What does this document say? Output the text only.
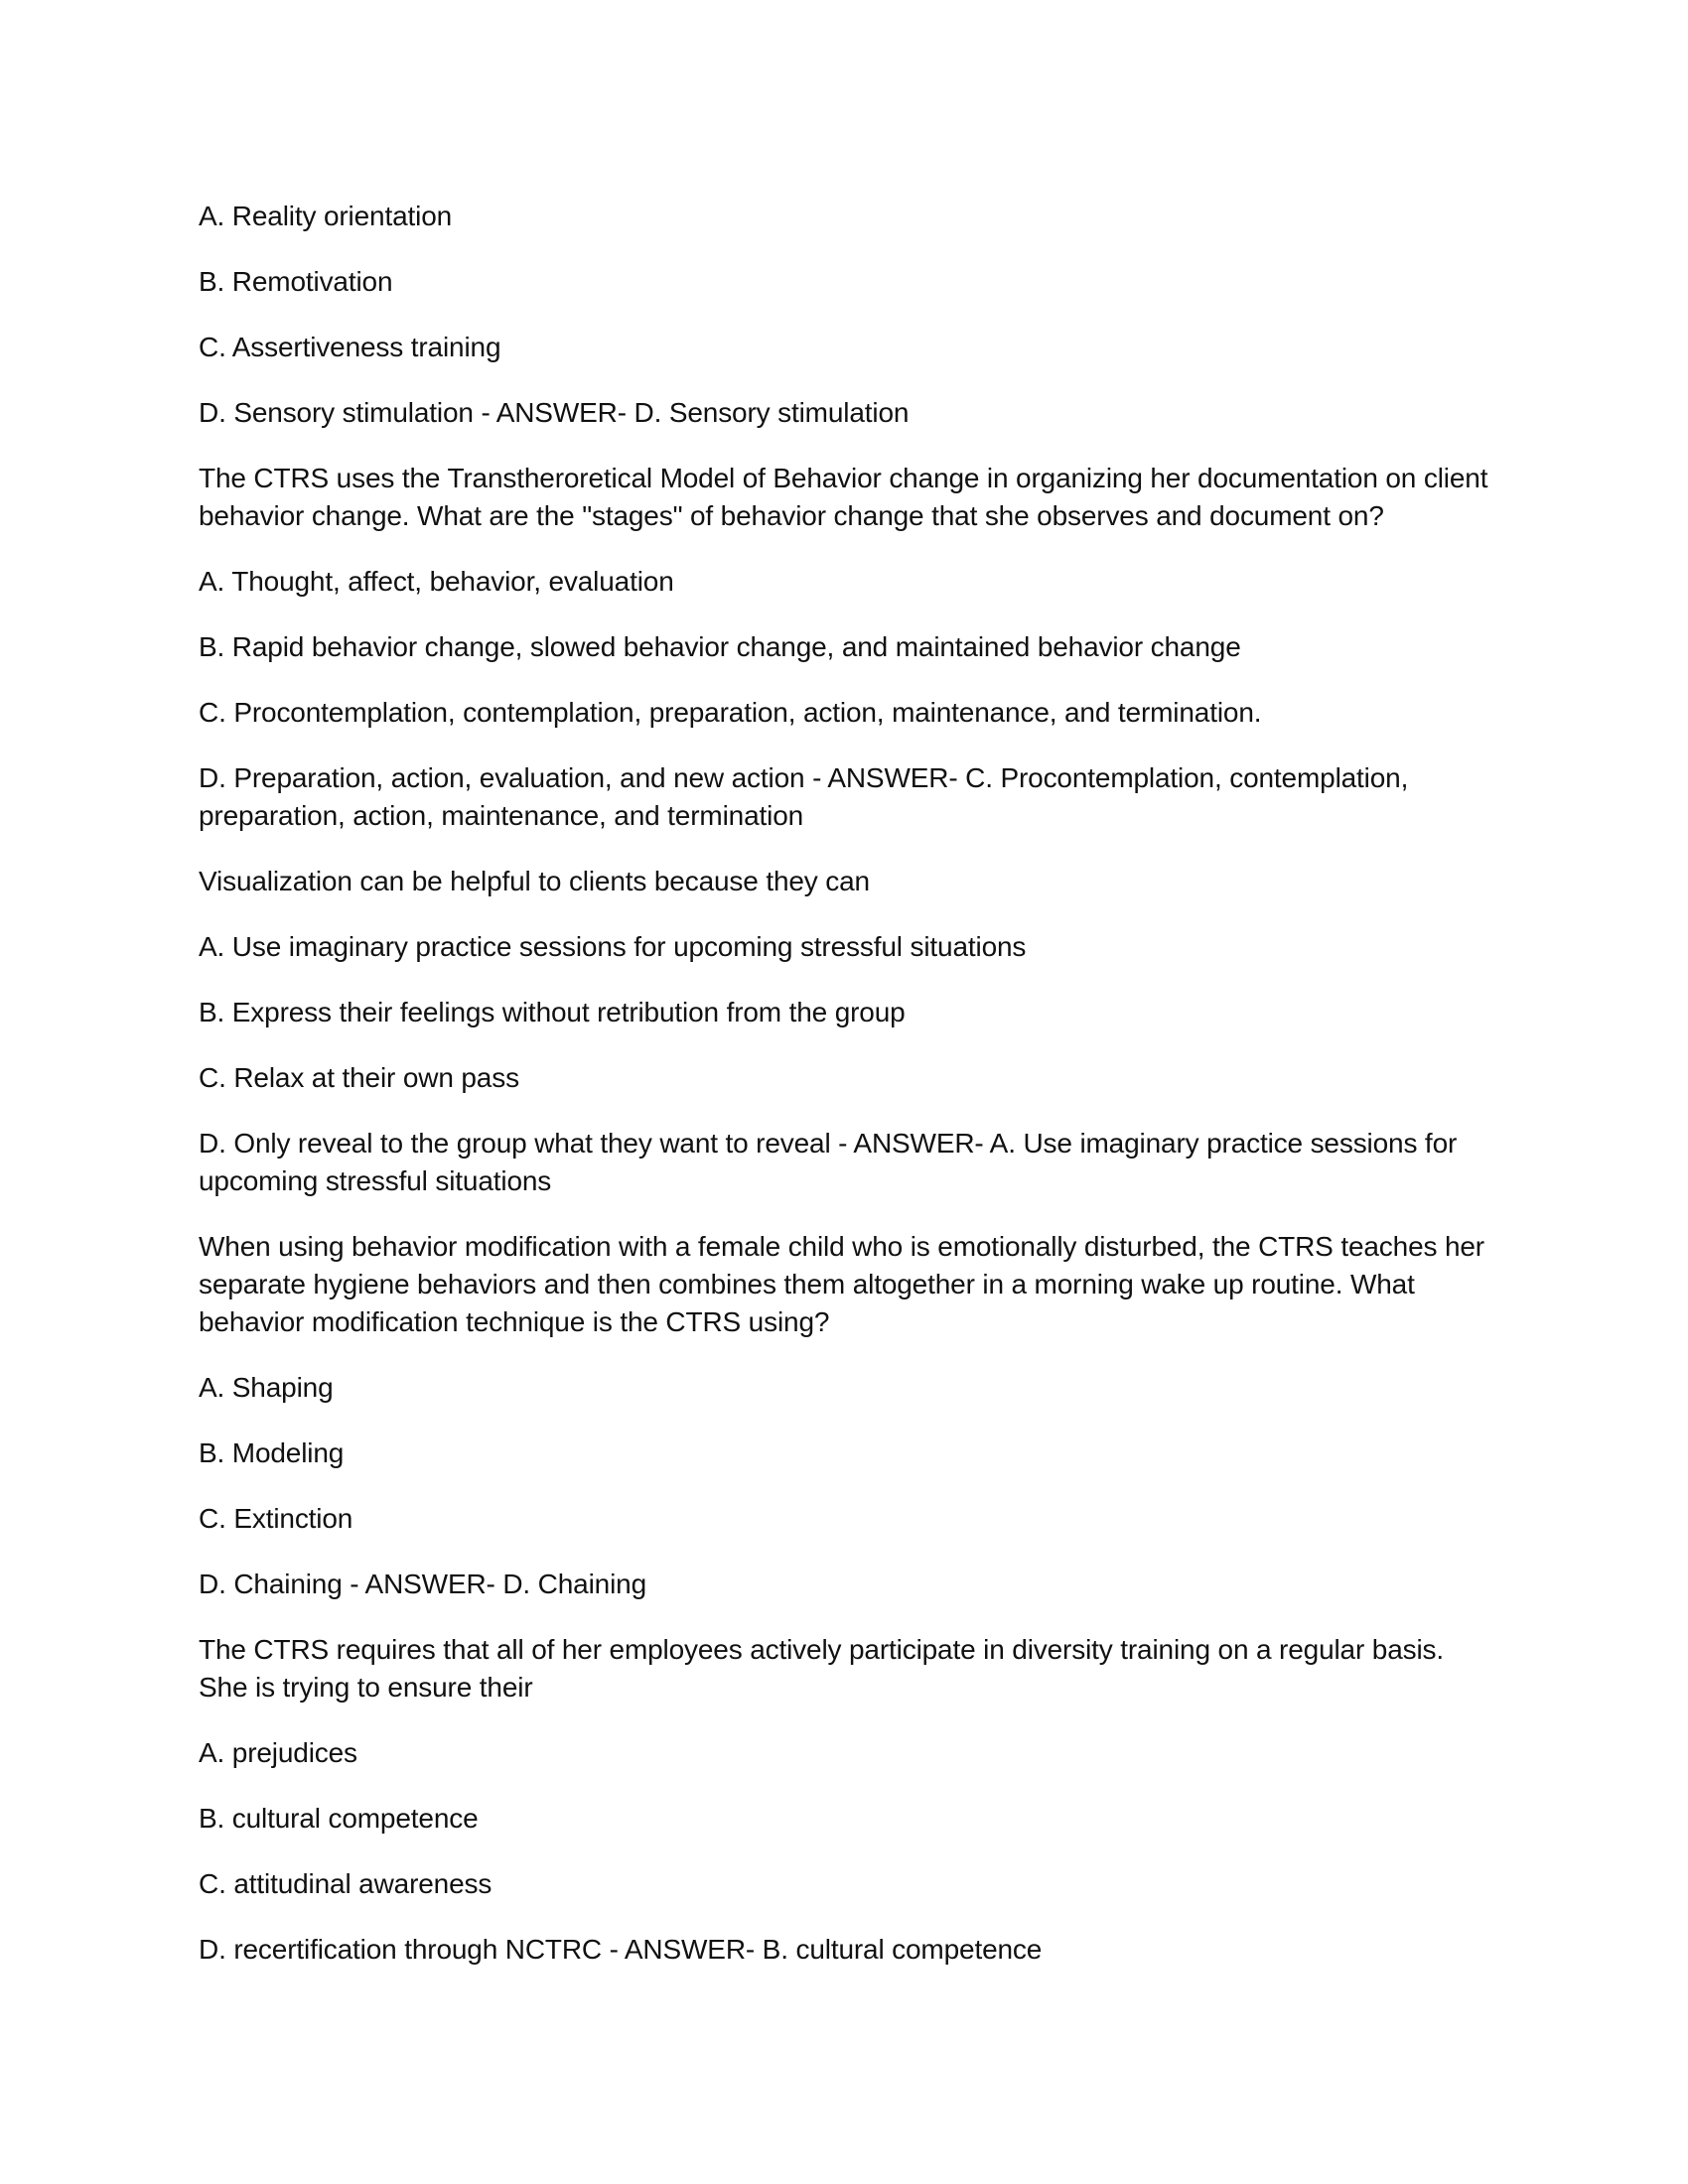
A. Reality orientation

B. Remotivation

C. Assertiveness training

D. Sensory stimulation - ANSWER- D. Sensory stimulation

The CTRS uses the Transtheroretical Model of Behavior change in organizing her documentation on client behavior change. What are the "stages" of behavior change that she observes and document on?

A. Thought, affect, behavior, evaluation

B. Rapid behavior change, slowed behavior change, and maintained behavior change

C. Procontemplation, contemplation, preparation, action, maintenance, and termination.

D. Preparation, action, evaluation, and new action - ANSWER- C. Procontemplation, contemplation, preparation, action, maintenance, and termination

Visualization can be helpful to clients because they can

A. Use imaginary practice sessions for upcoming stressful situations

B. Express their feelings without retribution from the group

C. Relax at their own pass

D. Only reveal to the group what they want to reveal - ANSWER- A. Use imaginary practice sessions for upcoming stressful situations

When using behavior modification with a female child who is emotionally disturbed, the CTRS teaches her separate hygiene behaviors and then combines them altogether in a morning wake up routine. What behavior modification technique is the CTRS using?

A. Shaping

B. Modeling

C. Extinction

D. Chaining - ANSWER- D. Chaining

The CTRS requires that all of her employees actively participate in diversity training on a regular basis. She is trying to ensure their

A. prejudices

B. cultural competence

C. attitudinal awareness

D. recertification through NCTRC - ANSWER- B. cultural competence
